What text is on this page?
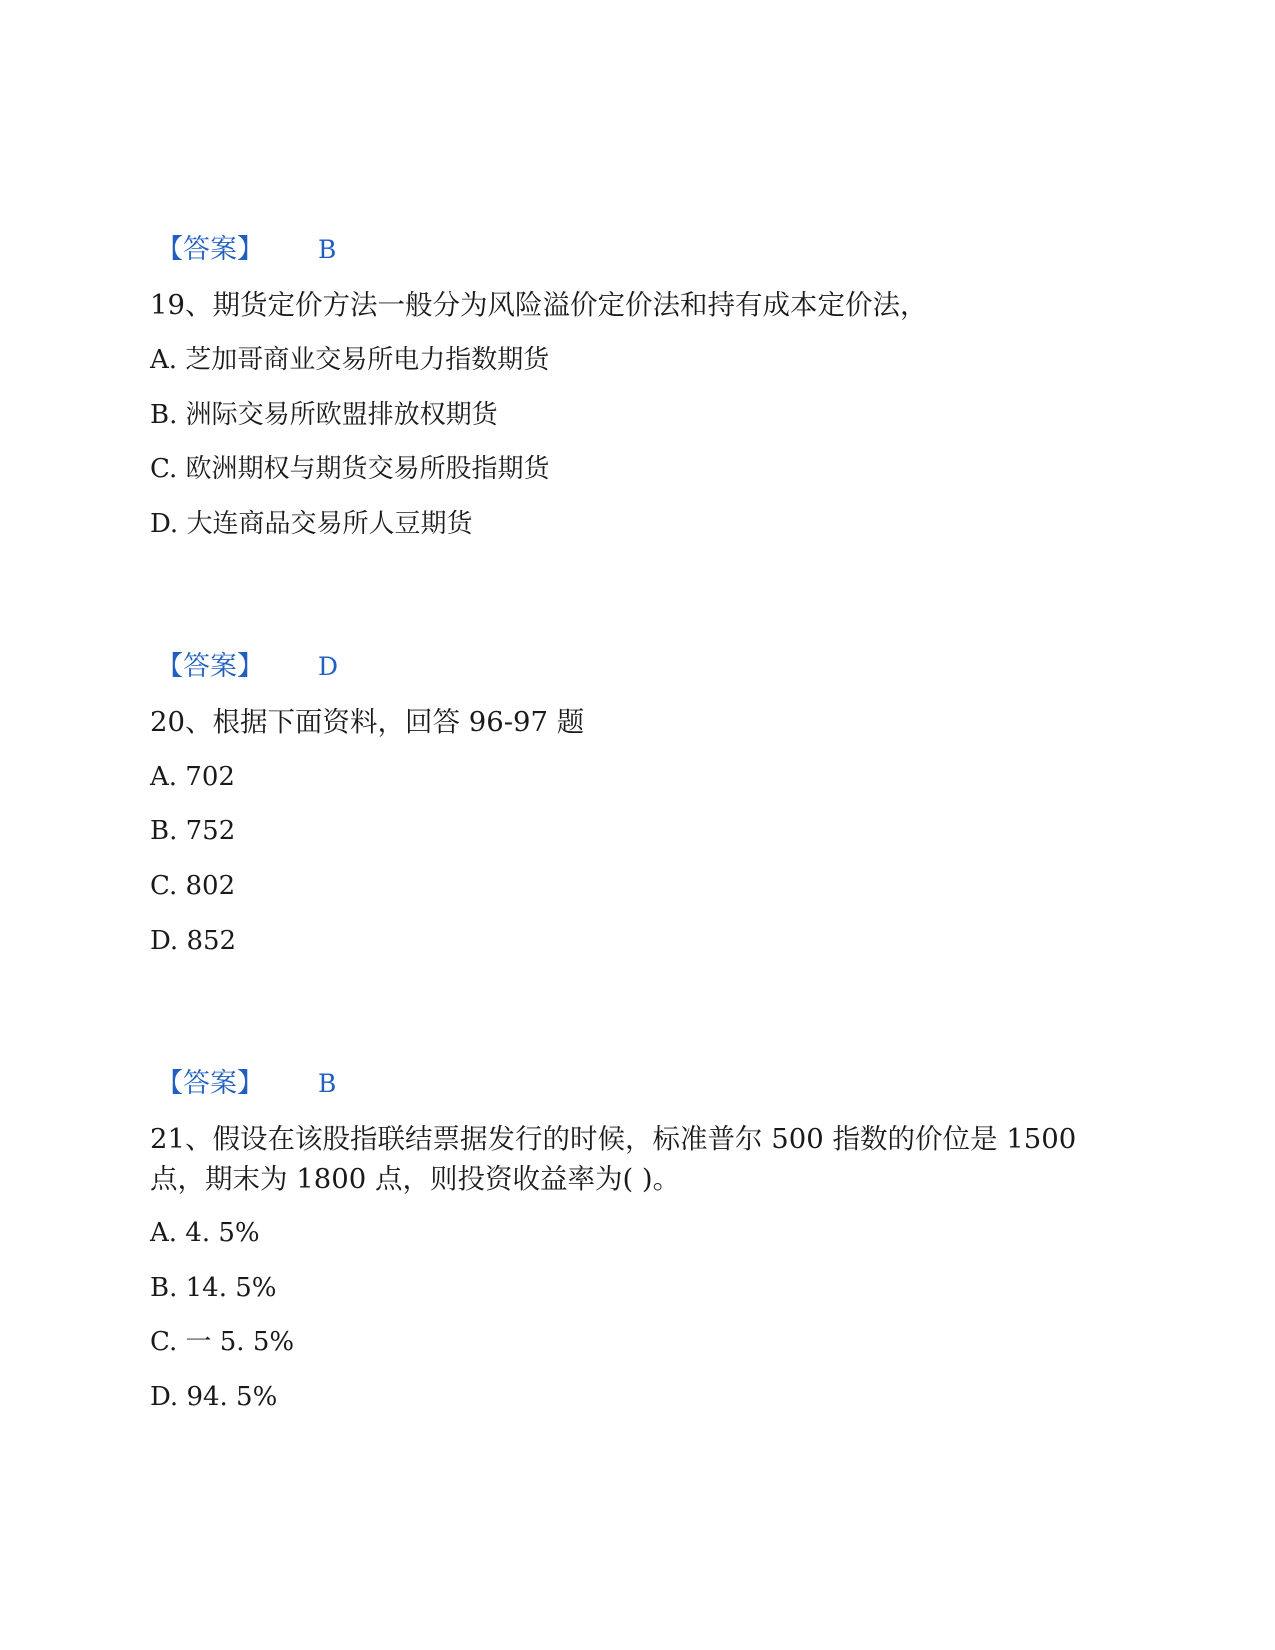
【答案】 B
19、期货定价方法一般分为风险溢价定价法和持有成本定价法，
A. 芝加哥商业交易所电力指数期货
B. 洲际交易所欧盟排放权期货
C. 欧洲期权与期货交易所股指期货
D. 大连商品交易所人豆期货
【答案】 D
20、根据下面资料，回答 96-97 题
A. 702
B. 752
C. 802
D. 852
【答案】 B
21、假设在该股指联结票据发行的时候，标准普尔 500 指数的价位是 1500
点，期末为 1800 点，则投资收益率为( )。
A. 4. 5%
B. 14. 5%
C. 一 5. 5%
D. 94. 5%
